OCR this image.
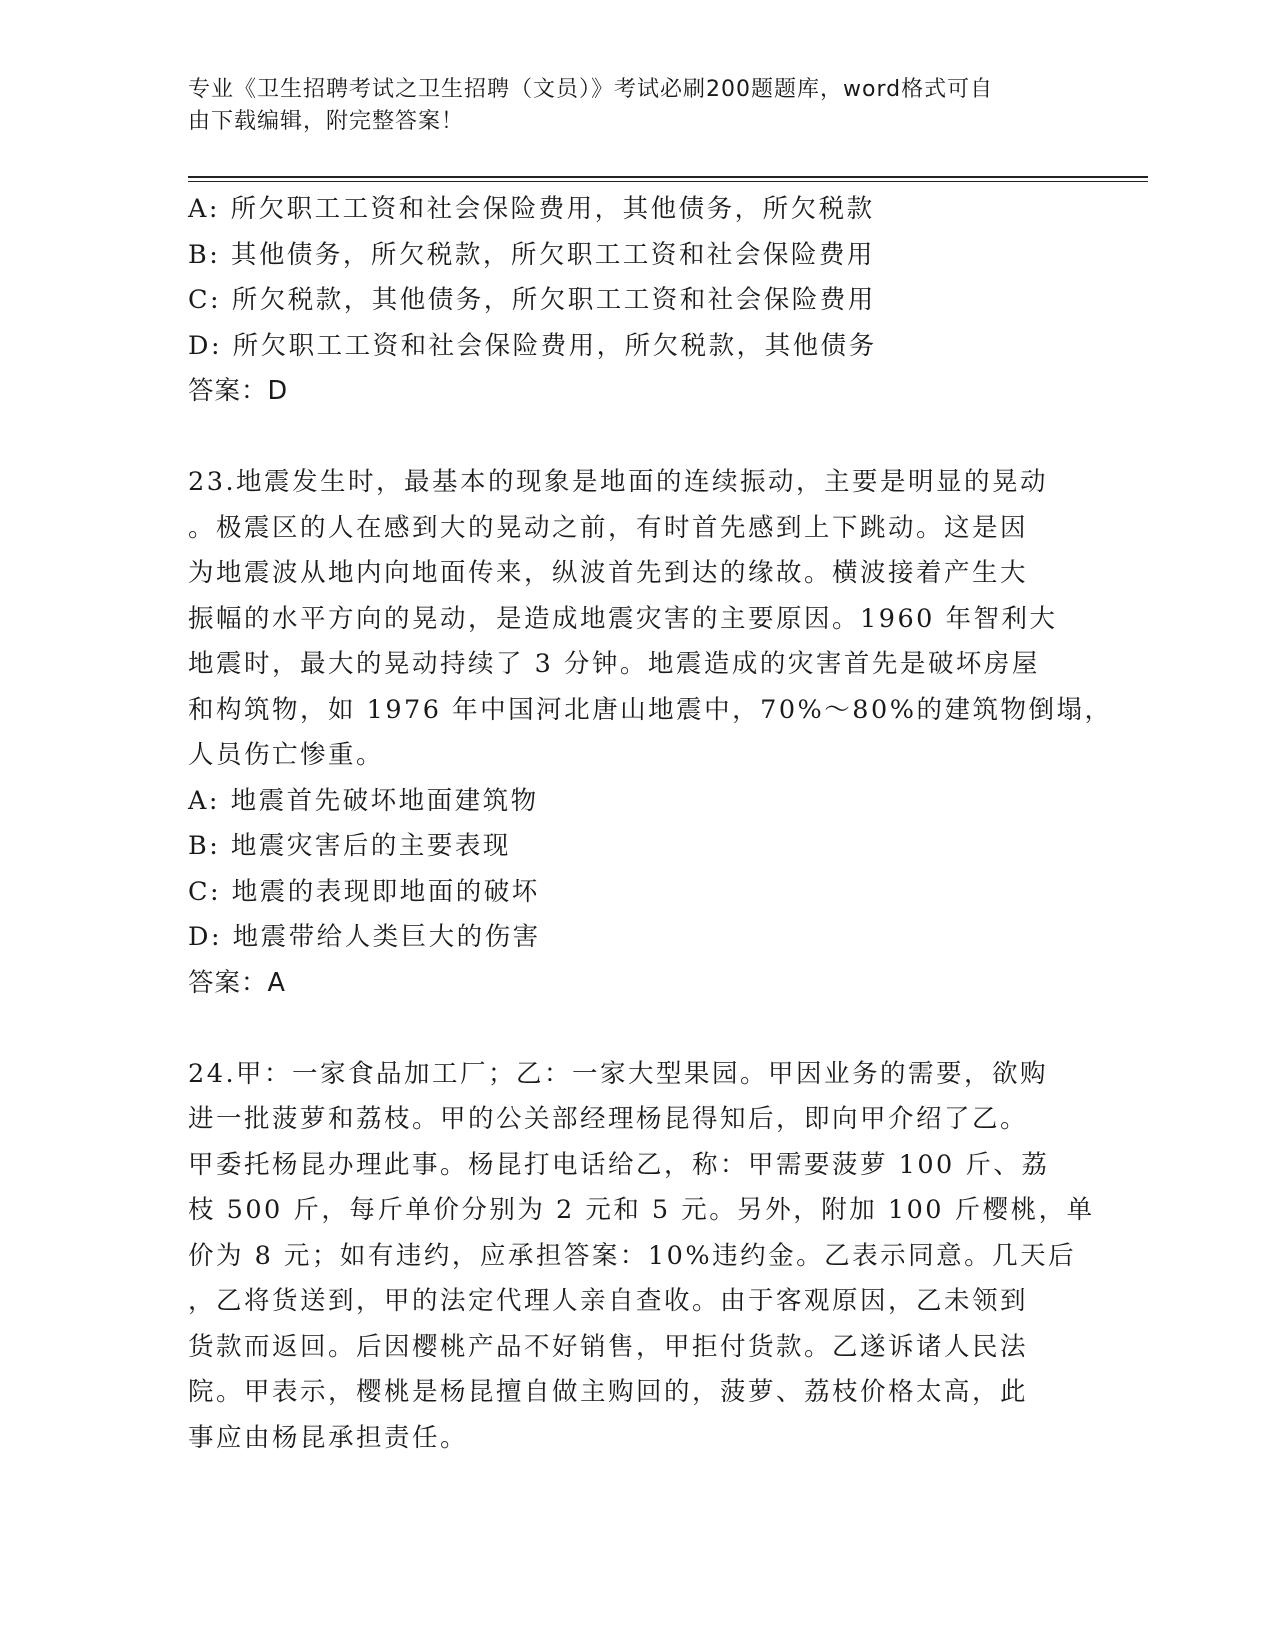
专业《卫生招聘考试之卫生招聘（文员）》考试必刷200题题库，word格式可自
由下载编辑，附完整答案！
A: 所欠职工工资和社会保险费用，其他债务，所欠税款
B: 其他债务，所欠税款，所欠职工工资和社会保险费用
C: 所欠税款，其他债务，所欠职工工资和社会保险费用
D: 所欠职工工资和社会保险费用，所欠税款，其他债务
答案：D
23.地震发生时，最基本的现象是地面的连续振动，主要是明显的晃动
。极震区的人在感到大的晃动之前，有时首先感到上下跳动。这是因
为地震波从地内向地面传来，纵波首先到达的缘故。横波接着产生大
振幅的水平方向的晃动，是造成地震灾害的主要原因。1960 年智利大
地震时，最大的晃动持续了 3 分钟。地震造成的灾害首先是破坏房屋
和构筑物，如 1976 年中国河北唐山地震中，70%～80%的建筑物倒塌，
人员伤亡惨重。
A: 地震首先破坏地面建筑物
B: 地震灾害后的主要表现
C: 地震的表现即地面的破坏
D: 地震带给人类巨大的伤害
答案：A
24.甲：一家食品加工厂；乙：一家大型果园。甲因业务的需要，欲购
进一批菠萝和荔枝。甲的公关部经理杨昆得知后，即向甲介绍了乙。
甲委托杨昆办理此事。杨昆打电话给乙，称：甲需要菠萝 100 斤、荔
枝 500 斤，每斤单价分别为 2 元和 5 元。另外，附加 100 斤樱桃，单
价为 8 元；如有违约，应承担答案：10%违约金。乙表示同意。几天后
，乙将货送到，甲的法定代理人亲自查收。由于客观原因，乙未领到
货款而返回。后因樱桃产品不好销售，甲拒付货款。乙遂诉诸人民法
院。甲表示，樱桃是杨昆擅自做主购回的，菠萝、荔枝价格太高，此
事应由杨昆承担责任。
